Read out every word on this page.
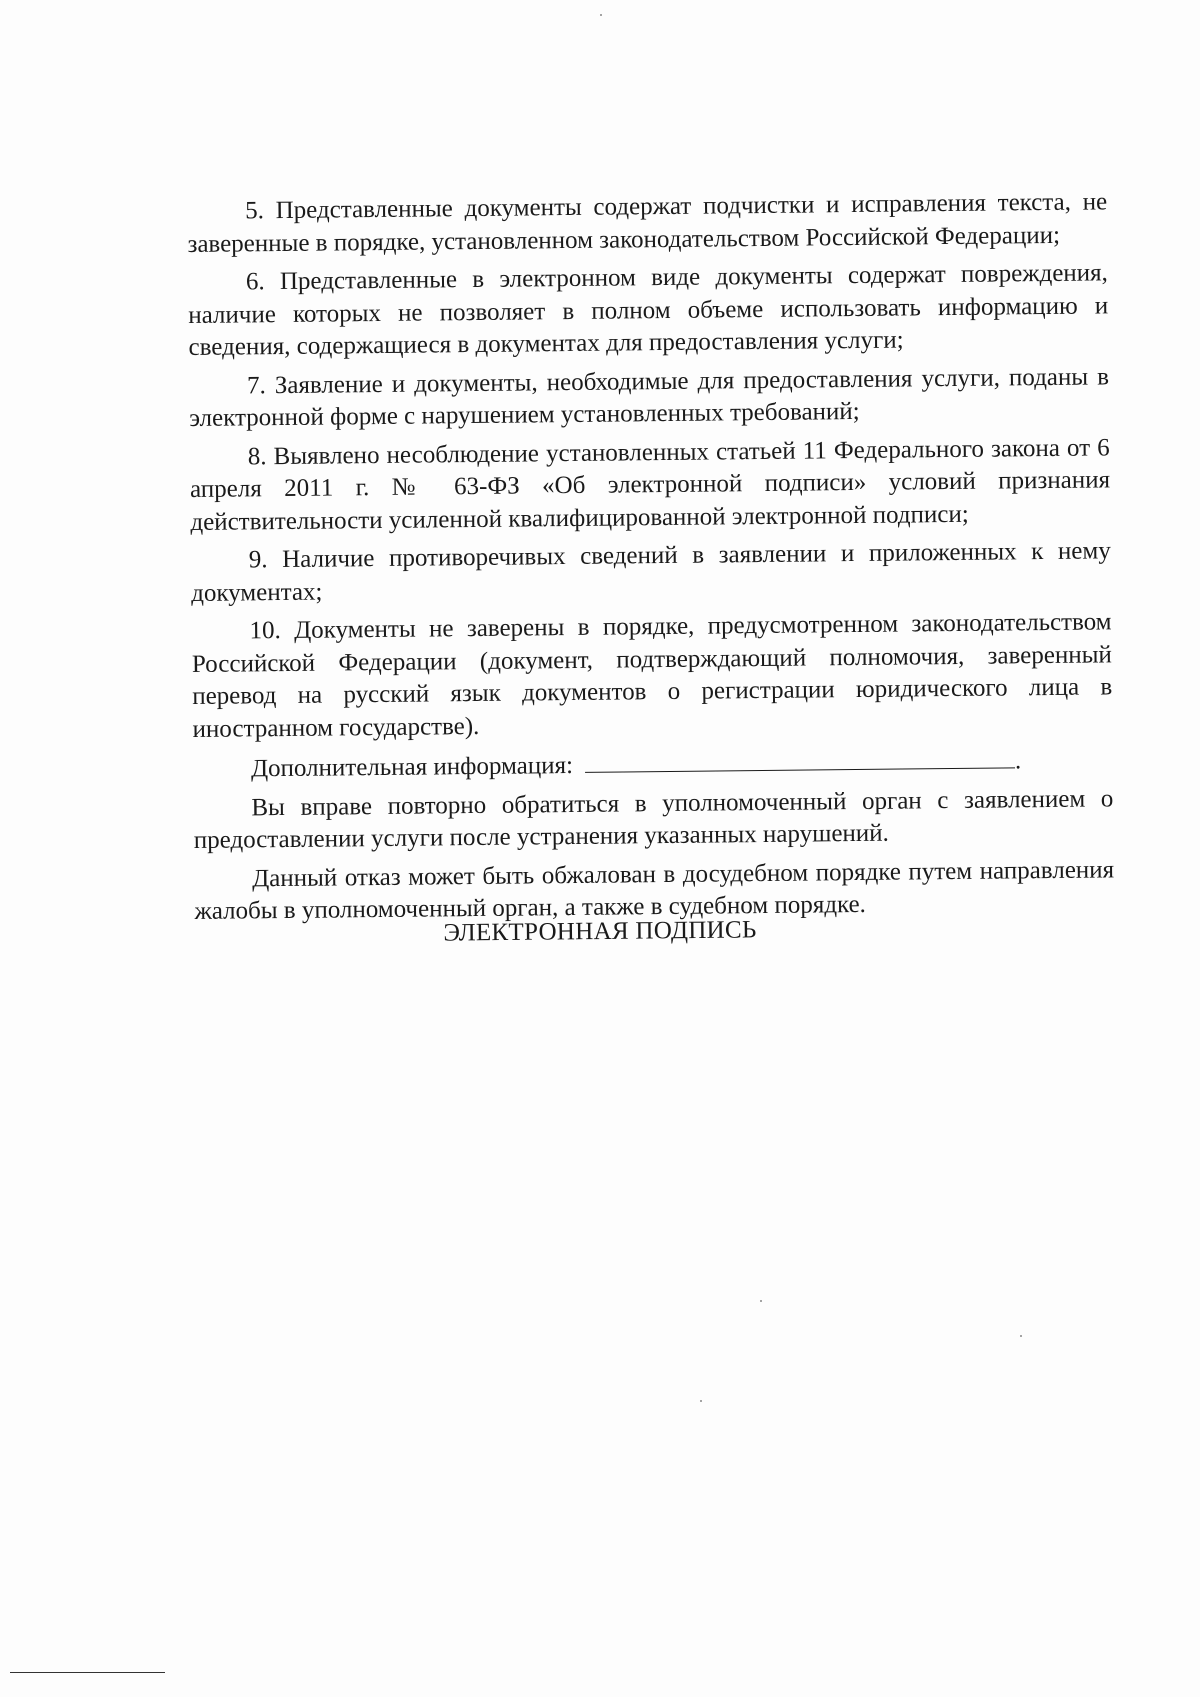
5. Представленные документы содержат подчистки и исправления текста, не заверенные в порядке, установленном законодательством Российской Федерации;

6. Представленные в электронном виде документы содержат повреждения, наличие которых не позволяет в полном объеме использовать информацию и сведения, содержащиеся в документах для предоставления услуги;

7. Заявление и документы, необходимые для предоставления услуги, поданы в электронной форме с нарушением установленных требований;

8. Выявлено несоблюдение установленных статьей 11 Федерального закона от 6 апреля 2011 г. № 63-ФЗ «Об электронной подписи» условий признания действительности усиленной квалифицированной электронной подписи;

9. Наличие противоречивых сведений в заявлении и приложенных к нему документах;

10. Документы не заверены в порядке, предусмотренном законодательством Российской Федерации (документ, подтверждающий полномочия, заверенный перевод на русский язык документов о регистрации юридического лица в иностранном государстве).

Дополнительная информация:	.

Вы вправе повторно обратиться в уполномоченный орган с заявлением о предоставлении услуги после устранения указанных нарушений.

Данный отказ может быть обжалован в досудебном порядке путем направления жалобы в уполномоченный орган, а также в судебном порядке.

ЭЛЕКТРОННАЯ ПОДПИСЬ
